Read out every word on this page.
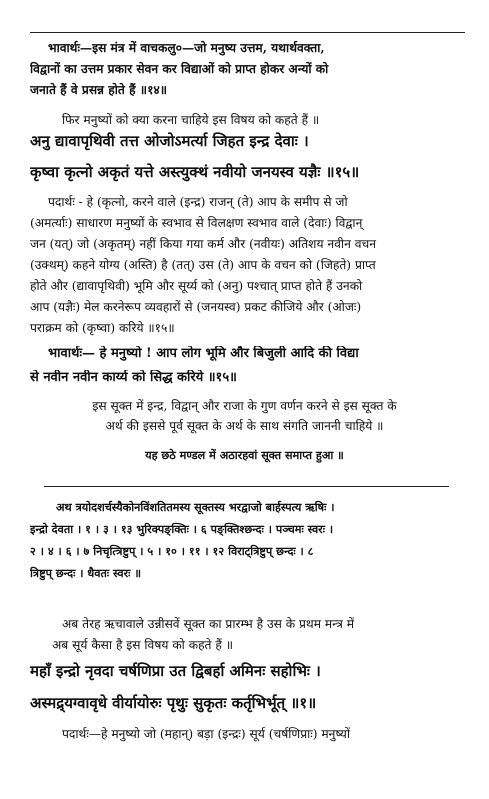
भावार्थः—इस मंत्र में वाचकलु०—जो मनुष्य उत्तम, यथार्थवक्ता,
विद्वानों का उत्तम प्रकार सेवन कर विद्याओं को प्राप्त होकर अन्यों को
जनाते हैं वे प्रसन्न होते हैं ॥१४॥
फिर मनुष्यों को क्या करना चाहिये इस विषय को कहते हैं ॥
अनु द्यावापृथिवी तत्त ओजोऽमर्त्या जिहत इन्द्र देवाः ।
कृष्वा कृत्नो अकृतं यत्ते अस्त्युक्थं नवीयो जनयस्व यज्ञैः ॥१५॥
पदार्थः - हे (कृत्नो, करने वाले (इन्द्र) राजन् (ते) आप के समीप से जो
(अमर्त्याः) साधारण मनुष्यों के स्वभाव से विलक्षण स्वभाव वाले (देवाः) विद्वान्
जन (यत्) जो (अकृतम्) नहीं किया गया कर्म और (नवीयः) अतिशय नवीन वचन
(उक्थम्) कहने योग्य (अस्ति) है (तत्) उस (ते) आप के वचन को (जिहते) प्राप्त
होते और (द्यावापृथिवी) भूमि और सूर्य्य को (अनु) पश्चात् प्राप्त होते हैं उनको
आप (यज्ञैः) मेल करनेरूप व्यवहारों से (जनयस्व) प्रकट कीजिये और (ओजः)
पराक्रम को (कृष्वा) करिये ॥१५॥
भावार्थः— हे मनुष्यो ! आप लोग भूमि और बिजुली आदि की विद्या
से नवीन नवीन कार्य्य को सिद्ध करिये ॥१५॥
इस सूक्त में इन्द्र, विद्वान् और राजा के गुण वर्णन करने से इस सूक्त के
अर्थ की इससे पूर्व सूक्त के अर्थ के साथ संगति जाननी चाहिये ॥
यह छठे मण्डल में अठारहवां सूक्त समाप्त हुआ ॥
अथ त्रयोदशर्चस्यैकोनविंशतितमस्य सूक्तस्य भरद्वाजो बार्हस्पत्य ऋषिः ।
इन्द्रो देवता । १ । ३ । १३ भुरिक्पङ्क्तिः । ६ पङ्क्तिश्छन्दः । पञ्चमः स्वरः ।
२ । ४ । ६ । ७ निचृत्त्रिष्टुप् । ५ । १० । ११ । १२ विराट्त्रिष्टुप् छन्दः । ८
त्रिष्टुप् छन्दः । धैवतः स्वरः ॥
अब तेरह ऋचावाले उन्नीसवें सूक्त का प्रारम्भ है उस के प्रथम मन्त्र में
अब सूर्य कैसा है इस विषय को कहते हैं ॥
महाँ इन्द्रो नृवदा चर्षणिप्रा उत द्विबर्हा अमिनः सहोभिः ।
अस्मद्र्यग्वावृधे वीर्यायोरुः पृथुः सुकृतः कर्तृभिर्भूत् ॥१॥
पदार्थः—हे मनुष्यो जो (महान्) बड़ा (इन्द्रः) सूर्य (चर्षणिप्राः) मनुष्यों
